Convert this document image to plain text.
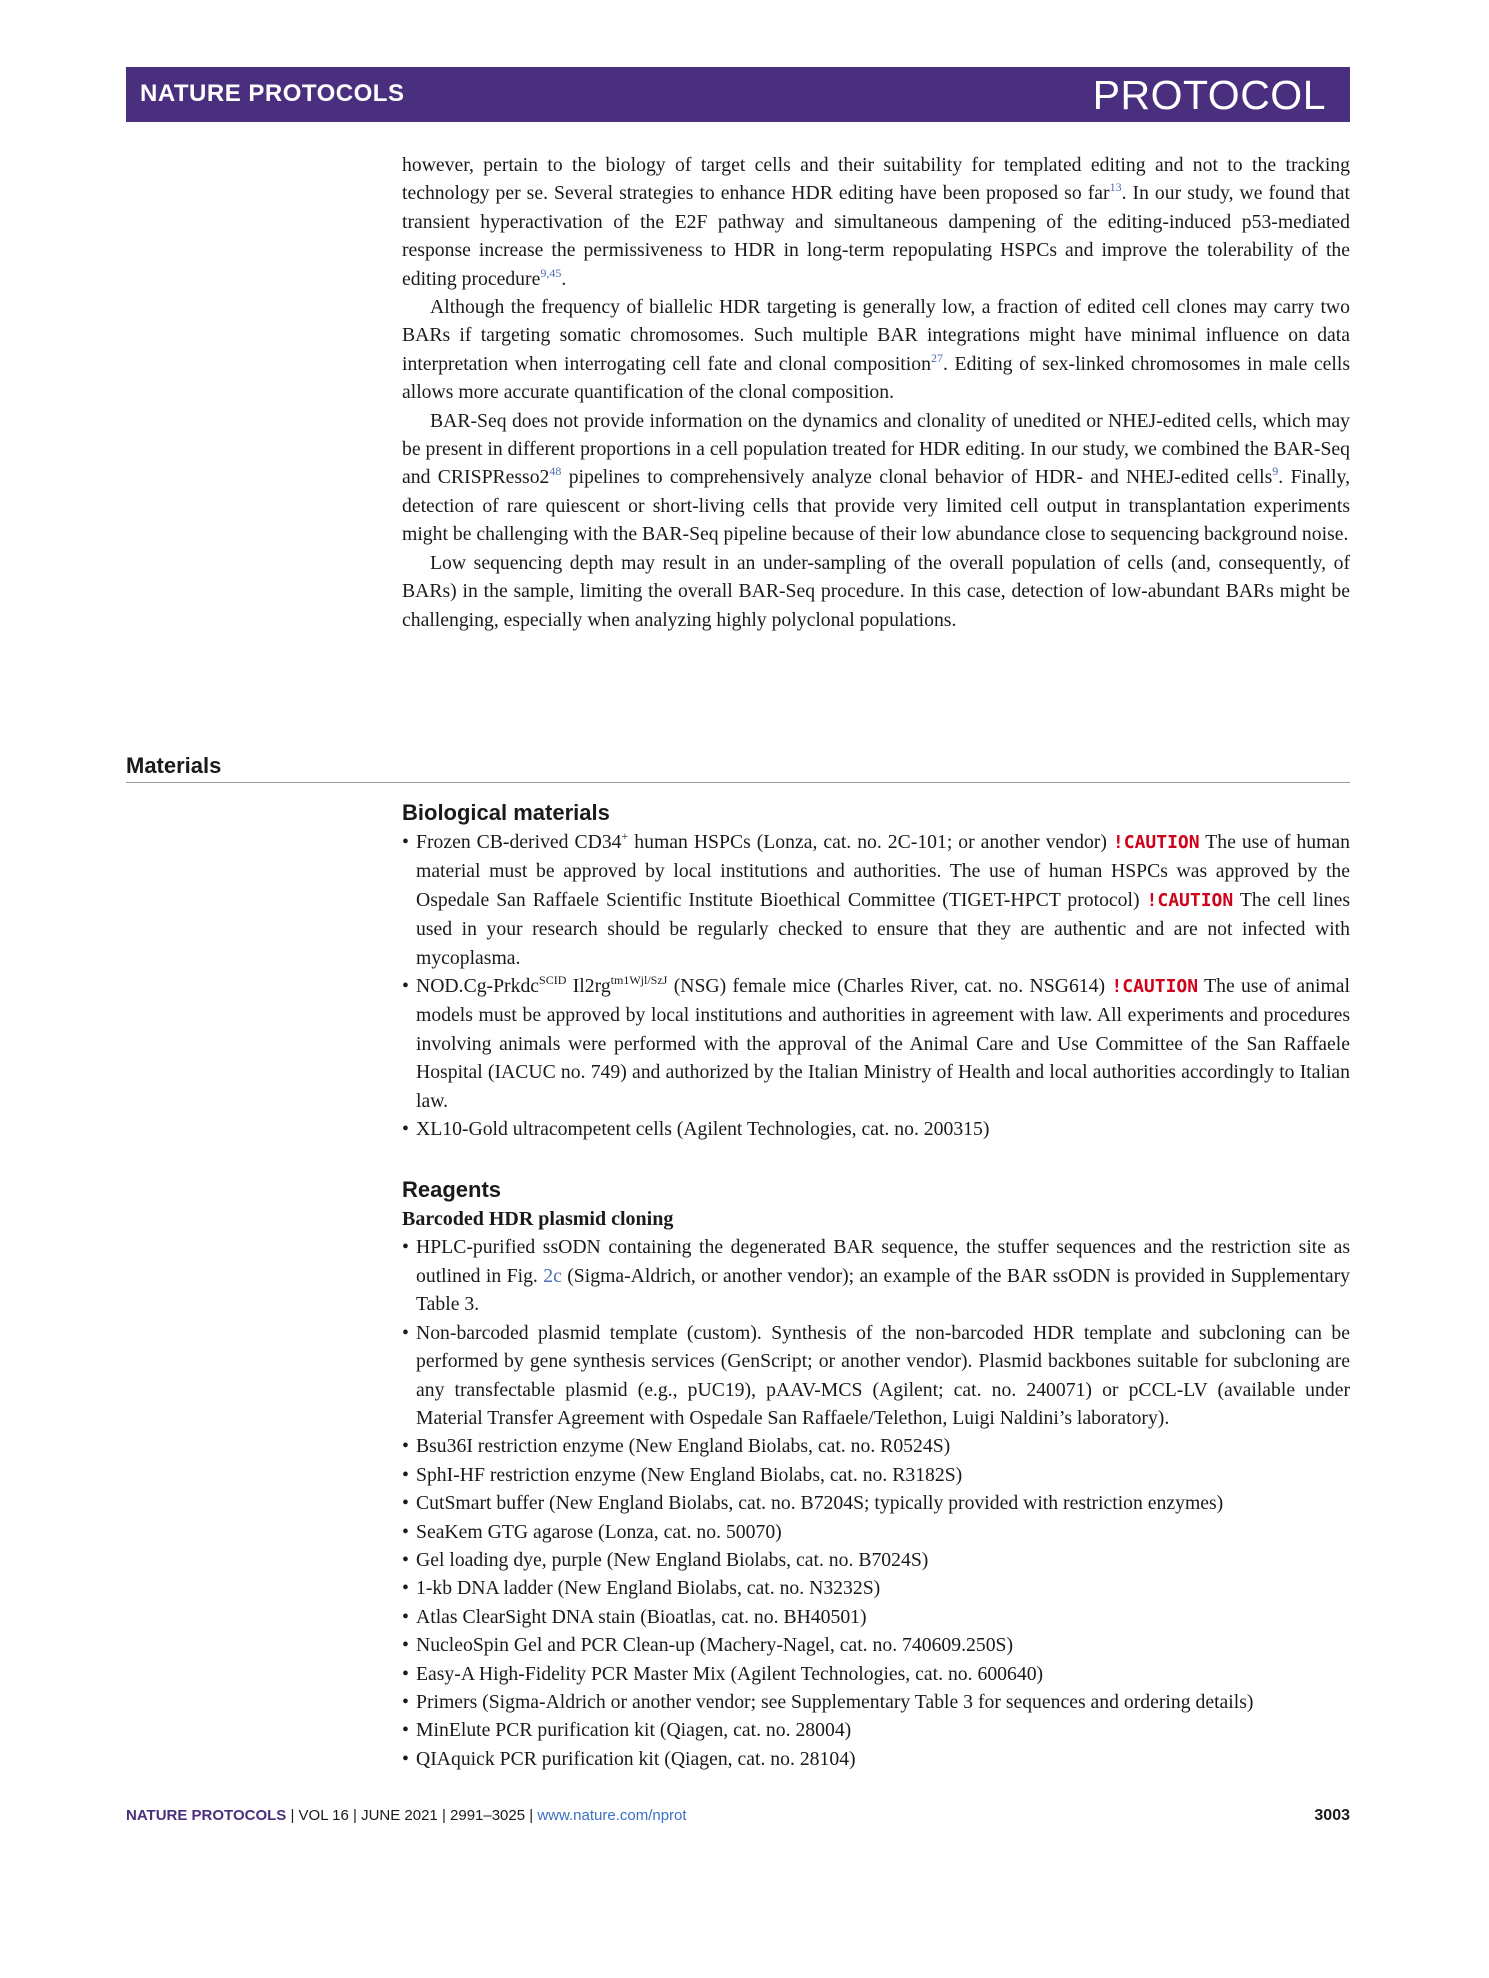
NATURE PROTOCOLS	PROTOCOL

however, pertain to the biology of target cells and their suitability for templated editing and not to the tracking technology per se. Several strategies to enhance HDR editing have been proposed so far$^{13}$. In our study, we found that transient hyperactivation of the E2F pathway and simultaneous dampening of the editing-induced p53-mediated response increase the permissiveness to HDR in long-term repopulating HSPCs and improve the tolerability of the editing procedure$^{9,45}$.

Although the frequency of biallelic HDR targeting is generally low, a fraction of edited cell clones may carry two BARs if targeting somatic chromosomes. Such multiple BAR integrations might have minimal influence on data interpretation when interrogating cell fate and clonal composition$^{27}$. Editing of sex-linked chromosomes in male cells allows more accurate quantification of the clonal composition.

BAR-Seq does not provide information on the dynamics and clonality of unedited or NHEJ-edited cells, which may be present in different proportions in a cell population treated for HDR editing. In our study, we combined the BAR-Seq and CRISPResso2$^{48}$ pipelines to comprehensively analyze clonal behavior of HDR- and NHEJ-edited cells$^9$. Finally, detection of rare quiescent or short-living cells that provide very limited cell output in transplantation experiments might be challenging with the BAR-Seq pipeline because of their low abundance close to sequencing background noise.

Low sequencing depth may result in an under-sampling of the overall population of cells (and, consequently, of BARs) in the sample, limiting the overall BAR-Seq procedure. In this case, detection of low-abundant BARs might be challenging, especially when analyzing highly polyclonal populations.

Materials
Biological materials
• Frozen CB-derived CD34+ human HSPCs (Lonza, cat. no. 2C-101; or another vendor) !CAUTION The use of human material must be approved by local institutions and authorities. The use of human HSPCs was approved by the Ospedale San Raffaele Scientific Institute Bioethical Committee (TIGET-HPCT protocol) !CAUTION The cell lines used in your research should be regularly checked to ensure that they are authentic and are not infected with mycoplasma.
• NOD.Cg-Prkdc$^{SCID}$ $Il2rg^{tm1Wjl/SzJ}$ (NSG) female mice (Charles River, cat. no. NSG614) !CAUTION The use of animal models must be approved by local institutions and authorities in agreement with law. All experiments and procedures involving animals were performed with the approval of the Animal Care and Use Committee of the San Raffaele Hospital (IACUC no. 749) and authorized by the Italian Ministry of Health and local authorities accordingly to Italian law.
• XL10-Gold ultracompetent cells (Agilent Technologies, cat. no. 200315)
Reagents
Barcoded HDR plasmid cloning
• HPLC-purified ssODN containing the degenerated BAR sequence, the stuffer sequences and the restriction site as outlined in Fig. 2c (Sigma-Aldrich, or another vendor); an example of the BAR ssODN is provided in Supplementary Table 3.
• Non-barcoded plasmid template (custom). Synthesis of the non-barcoded HDR template and subcloning can be performed by gene synthesis services (GenScript; or another vendor). Plasmid backbones suitable for subcloning are any transfectable plasmid (e.g., pUC19), pAAV-MCS (Agilent; cat. no. 240071) or pCCL-LV (available under Material Transfer Agreement with Ospedale San Raffaele/Telethon, Luigi Naldini’s laboratory).
• Bsu36I restriction enzyme (New England Biolabs, cat. no. R0524S)
• SphI-HF restriction enzyme (New England Biolabs, cat. no. R3182S)
• CutSmart buffer (New England Biolabs, cat. no. B7204S; typically provided with restriction enzymes)
• SeaKem GTG agarose (Lonza, cat. no. 50070)
• Gel loading dye, purple (New England Biolabs, cat. no. B7024S)
• 1-kb DNA ladder (New England Biolabs, cat. no. N3232S)
• Atlas ClearSight DNA stain (Bioatlas, cat. no. BH40501)
• NucleoSpin Gel and PCR Clean-up (Machery-Nagel, cat. no. 740609.250S)
• Easy-A High-Fidelity PCR Master Mix (Agilent Technologies, cat. no. 600640)
• Primers (Sigma-Aldrich or another vendor; see Supplementary Table 3 for sequences and ordering details)
• MinElute PCR purification kit (Qiagen, cat. no. 28004)
• QIAquick PCR purification kit (Qiagen, cat. no. 28104)
NATURE PROTOCOLS | VOL 16 | JUNE 2021 | 2991–3025 | www.nature.com/nprot	3003
